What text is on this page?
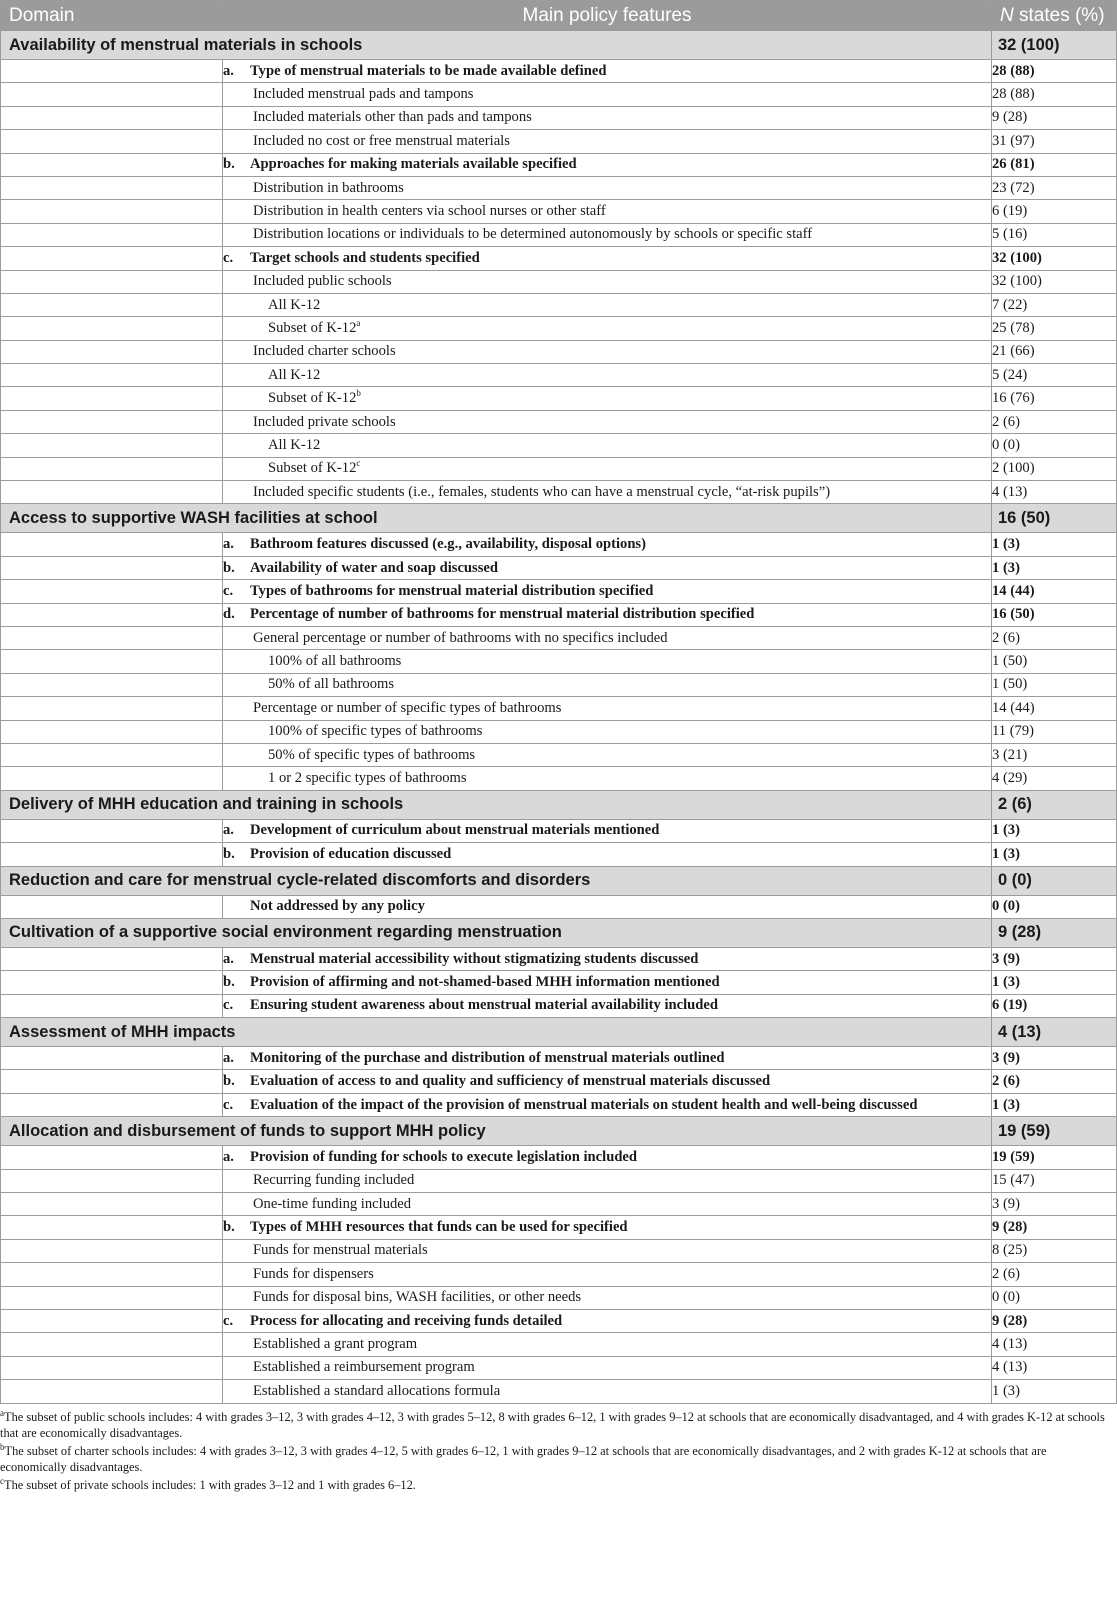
Domain	Main policy features	N states (%)
Availability of menstrual materials in schools		32 (100)
	a. Type of menstrual materials to be made available defined	28 (88)
	Included menstrual pads and tampons	28 (88)
	Included materials other than pads and tampons	9 (28)
	Included no cost or free menstrual materials	31 (97)
	b. Approaches for making materials available specified	26 (81)
	Distribution in bathrooms	23 (72)
	Distribution in health centers via school nurses or other staff	6 (19)
	Distribution locations or individuals to be determined autonomously by schools or specific staff	5 (16)
	c. Target schools and students specified	32 (100)
	Included public schools	32 (100)
	All K-12	7 (22)
	Subset of K-12$^a$	25 (78)
	Included charter schools	21 (66)
	All K-12	5 (24)
	Subset of K-12$^b$	16 (76)
	Included private schools	2 (6)
	All K-12	0 (0)
	Subset of K-12$^c$	2 (100)
	Included specific students (i.e., females, students who can have a menstrual cycle, “at-risk pupils”)	4 (13)
Access to supportive WASH facilities at school		16 (50)
	a. Bathroom features discussed (e.g., availability, disposal options)	1 (3)
	b. Availability of water and soap discussed	1 (3)
	c. Types of bathrooms for menstrual material distribution specified	14 (44)
	d. Percentage of number of bathrooms for menstrual material distribution specified	16 (50)
	General percentage or number of bathrooms with no specifics included	2 (6)
	100% of all bathrooms	1 (50)
	50% of all bathrooms	1 (50)
	Percentage or number of specific types of bathrooms	14 (44)
	100% of specific types of bathrooms	11 (79)
	50% of specific types of bathrooms	3 (21)
	1 or 2 specific types of bathrooms	4 (29)
Delivery of MHH education and training in schools		2 (6)
	a. Development of curriculum about menstrual materials mentioned	1 (3)
	b. Provision of education discussed	1 (3)
Reduction and care for menstrual cycle-related discomforts and disorders		0 (0)
	Not addressed by any policy	0 (0)
Cultivation of a supportive social environment regarding menstruation		9 (28)
	a. Menstrual material accessibility without stigmatizing students discussed	3 (9)
	b. Provision of affirming and not-shamed-based MHH information mentioned	1 (3)
	c. Ensuring student awareness about menstrual material availability included	6 (19)
Assessment of MHH impacts		4 (13)
	a. Monitoring of the purchase and distribution of menstrual materials outlined	3 (9)
	b. Evaluation of access to and quality and sufficiency of menstrual materials discussed	2 (6)
	c. Evaluation of the impact of the provision of menstrual materials on student health and well-being discussed	1 (3)
Allocation and disbursement of funds to support MHH policy		19 (59)
	a. Provision of funding for schools to execute legislation included	19 (59)
	Recurring funding included	15 (47)
	One-time funding included	3 (9)
	b. Types of MHH resources that funds can be used for specified	9 (28)
	Funds for menstrual materials	8 (25)
	Funds for dispensers	2 (6)
	Funds for disposal bins, WASH facilities, or other needs	0 (0)
	c. Process for allocating and receiving funds detailed	9 (28)
	Established a grant program	4 (13)
	Established a reimbursement program	4 (13)
	Established a standard allocations formula	1 (3)

$^a$The subset of public schools includes: 4 with grades 3–12, 3 with grades 4–12, 3 with grades 5–12, 8 with grades 6–12, 1 with grades 9–12 at schools that are economically disadvantaged, and 4 with grades K-12 at schools that are economically disadvantages.

$^b$The subset of charter schools includes: 4 with grades 3–12, 3 with grades 4–12, 5 with grades 6–12, 1 with grades 9–12 at schools that are economically disadvantages, and 2 with grades K-12 at schools that are economically disadvantages.

$^c$The subset of private schools includes: 1 with grades 3–12 and 1 with grades 6–12.
